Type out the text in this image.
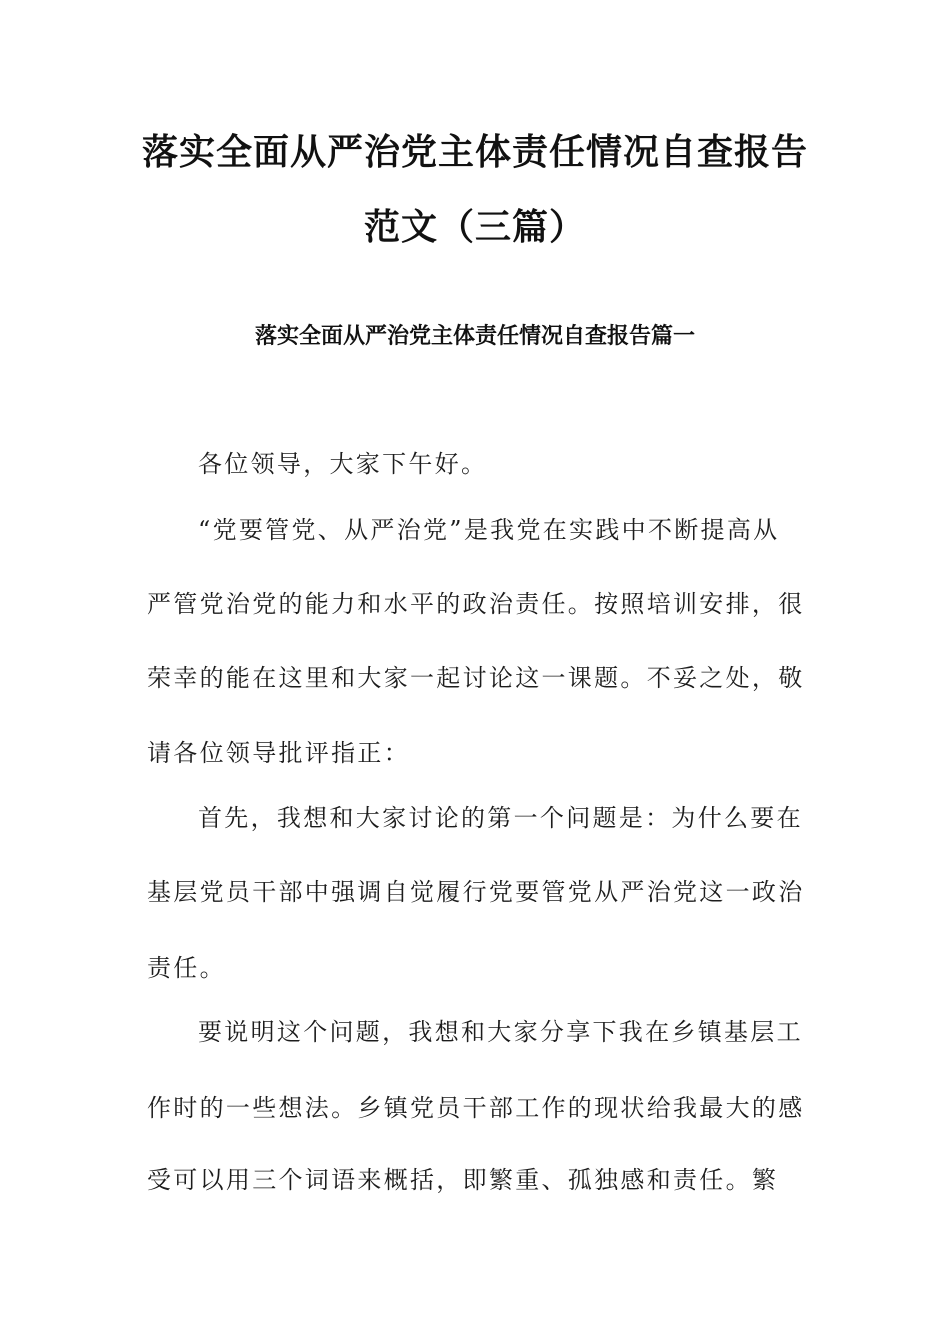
落实全面从严治党主体责任情况自查报告
范文（三篇）
落实全面从严治党主体责任情况自查报告篇一
各位领导，大家下午好。
“党要管党、从严治党”是我党在实践中不断提高从
严管党治党的能力和水平的政治责任。按照培训安排，很
荣幸的能在这里和大家一起讨论这一课题。不妥之处，敬
请各位领导批评指正：
首先，我想和大家讨论的第一个问题是：为什么要在
基层党员干部中强调自觉履行党要管党从严治党这一政治
责任。
要说明这个问题，我想和大家分享下我在乡镇基层工
作时的一些想法。乡镇党员干部工作的现状给我最大的感
受可以用三个词语来概括，即繁重、孤独感和责任。繁
